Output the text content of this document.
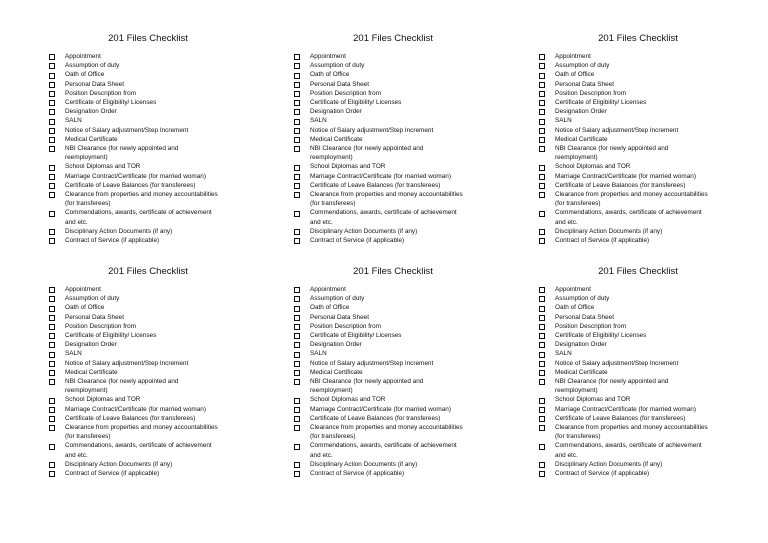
201 Files Checklist
Appointment
Assumption of duty
Oath of Office
Personal Data Sheet
Position Description from
Certificate of Eligibility/ Licenses
Designation Order
SALN
Notice of Salary adjustment/Step Increment
Medical Certificate
NBI Clearance (for newly appointed and
reemployment)
School Diplomas and TOR
Marriage Contract/Certificate (for married woman)
Certificate of Leave Balances (for transferees)
Clearance from properties and money accountabilities
(for transferees)
Commendations, awards, certificate of achievement
and etc.
Disciplinary Action Documents (if any)
Contract of Service (if applicable)
201 Files Checklist
Appointment
Assumption of duty
Oath of Office
Personal Data Sheet
Position Description from
Certificate of Eligibility/ Licenses
Designation Order
SALN
Notice of Salary adjustment/Step Increment
Medical Certificate
NBI Clearance (for newly appointed and
reemployment)
School Diplomas and TOR
Marriage Contract/Certificate (for married woman)
Certificate of Leave Balances (for transferees)
Clearance from properties and money accountabilities
(for transferees)
Commendations, awards, certificate of achievement
and etc.
Disciplinary Action Documents (if any)
Contract of Service (if applicable)
201 Files Checklist
Appointment
Assumption of duty
Oath of Office
Personal Data Sheet
Position Description from
Certificate of Eligibility/ Licenses
Designation Order
SALN
Notice of Salary adjustment/Step Increment
Medical Certificate
NBI Clearance (for newly appointed and
reemployment)
School Diplomas and TOR
Marriage Contract/Certificate (for married woman)
Certificate of Leave Balances (for transferees)
Clearance from properties and money accountabilities
(for transferees)
Commendations, awards, certificate of achievement
and etc.
Disciplinary Action Documents (if any)
Contract of Service (if applicable)
201 Files Checklist
Appointment
Assumption of duty
Oath of Office
Personal Data Sheet
Position Description from
Certificate of Eligibility/ Licenses
Designation Order
SALN
Notice of Salary adjustment/Step Increment
Medical Certificate
NBI Clearance (for newly appointed and
reemployment)
School Diplomas and TOR
Marriage Contract/Certificate (for married woman)
Certificate of Leave Balances (for transferees)
Clearance from properties and money accountabilities
(for transferees)
Commendations, awards, certificate of achievement
and etc.
Disciplinary Action Documents (if any)
Contract of Service (if applicable)
201 Files Checklist
Appointment
Assumption of duty
Oath of Office
Personal Data Sheet
Position Description from
Certificate of Eligibility/ Licenses
Designation Order
SALN
Notice of Salary adjustment/Step Increment
Medical Certificate
NBI Clearance (for newly appointed and
reemployment)
School Diplomas and TOR
Marriage Contract/Certificate (for married woman)
Certificate of Leave Balances (for transferees)
Clearance from properties and money accountabilities
(for transferees)
Commendations, awards, certificate of achievement
and etc.
Disciplinary Action Documents (if any)
Contract of Service (if applicable)
201 Files Checklist
Appointment
Assumption of duty
Oath of Office
Personal Data Sheet
Position Description from
Certificate of Eligibility/ Licenses
Designation Order
SALN
Notice of Salary adjustment/Step Increment
Medical Certificate
NBI Clearance (for newly appointed and
reemployment)
School Diplomas and TOR
Marriage Contract/Certificate (for married woman)
Certificate of Leave Balances (for transferees)
Clearance from properties and money accountabilities
(for transferees)
Commendations, awards, certificate of achievement
and etc.
Disciplinary Action Documents (if any)
Contract of Service (if applicable)
